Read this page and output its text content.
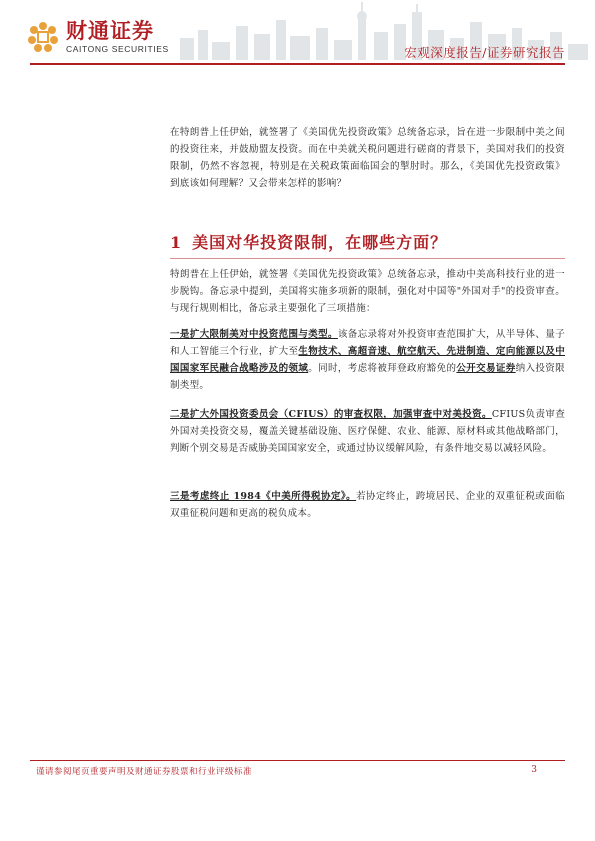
财通证券
CAITONG SECURITIES	宏观深度报告/证券研究报告

在特朗普上任伊始，就签署了《美国优先投资政策》总统备忘录，旨在进一步限制中美之间的投资往来，并鼓励盟友投资。而在中美就关税问题进行磋商的背景下，美国对我们的投资限制，仍然不容忽视，特别是在关税政策面临国会的掣肘时。那么，《美国优先投资政策》到底该如何理解？又会带来怎样的影响？

1 美国对华投资限制，在哪些方面？

特朗普在上任伊始，就签署《美国优先投资政策》总统备忘录，推动中美高科技行业的进一步脱钩。备忘录中提到，美国将实施多项新的限制，强化对中国等"外国对手"的投资审查。与现行规则相比，备忘录主要强化了三项措施：

一是扩大限制美对中投资范围与类型。该备忘录将对外投资审查范围扩大，从半导体、量子和人工智能三个行业，扩大至生物技术、高超音速、航空航天、先进制造、定向能源以及中国国家军民融合战略涉及的领域。同时，考虑将被拜登政府豁免的公开交易证券纳入投资限制类型。

二是扩大外国投资委员会（CFIUS）的审查权限，加强审查中对美投资。CFIUS负责审查外国对美投资交易，覆盖关键基础设施、医疗保健、农业、能源、原材料或其他战略部门，判断个别交易是否威胁美国国家安全，或通过协议缓解风险，有条件地交易以减轻风险。

三是考虑终止 1984《中美所得税协定》。若协定终止，跨境居民、企业的双重征税或面临双重征税问题和更高的税负成本。

谨请参阅尾页重要声明及财通证券股票和行业评级标准	3
